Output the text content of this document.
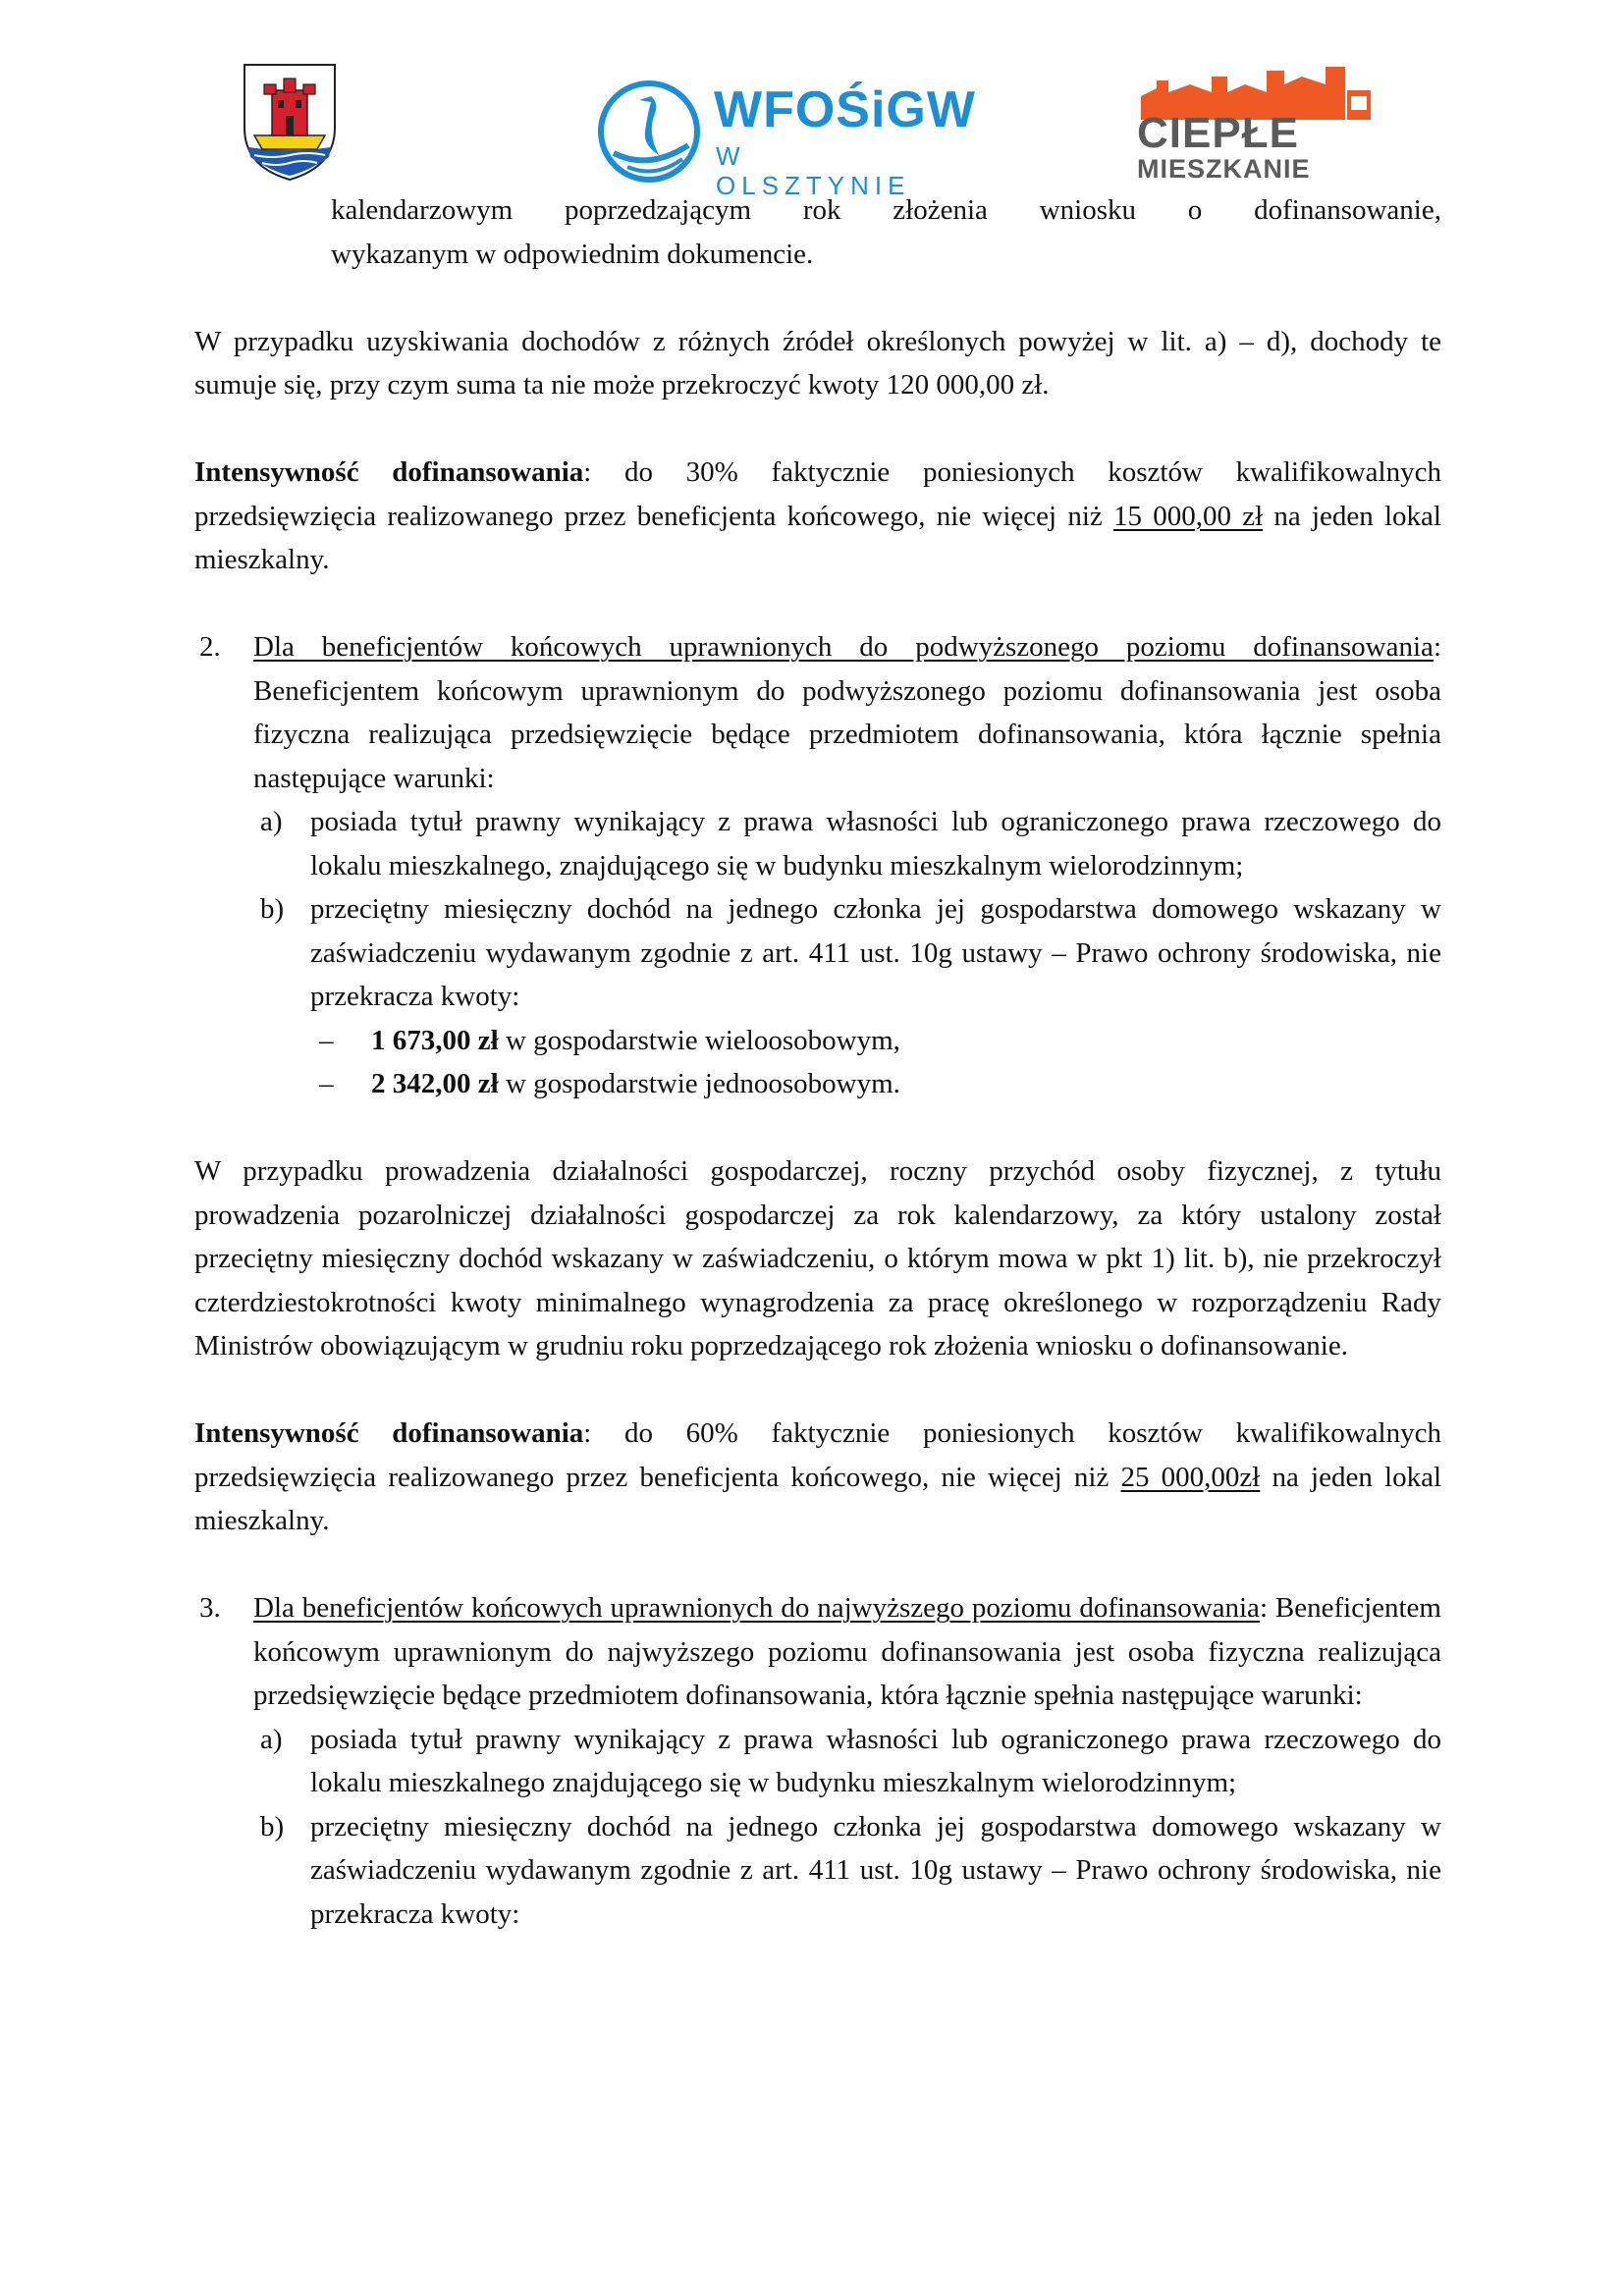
WFOŚiGW
W OLSZTYNIE
CIEPŁE
MIESZKANIE

kalendarzowym poprzedzającym rok złożenia wniosku o dofinansowanie,

wykazanym w odpowiednim dokumencie.

W przypadku uzyskiwania dochodów z różnych źródeł określonych powyżej w lit. a) – d), dochody te sumuje się, przy czym suma ta nie może przekroczyć kwoty 120 000,00 zł.

Intensywność dofinansowania: do 30% faktycznie poniesionych kosztów kwalifikowalnych przedsięwzięcia realizowanego przez beneficjenta końcowego, nie więcej niż 15 000,00 zł na jeden lokal mieszkalny.

2. Dla beneficjentów końcowych uprawnionych do podwyższonego poziomu dofinansowania: Beneficjentem końcowym uprawnionym do podwyższonego poziomu dofinansowania jest osoba fizyczna realizująca przedsięwzięcie będące przedmiotem dofinansowania, która łącznie spełnia następujące warunki:

a) posiada tytuł prawny wynikający z prawa własności lub ograniczonego prawa rzeczowego do lokalu mieszkalnego, znajdującego się w budynku mieszkalnym wielorodzinnym;

b) przeciętny miesięczny dochód na jednego członka jej gospodarstwa domowego wskazany w zaświadczeniu wydawanym zgodnie z art. 411 ust. 10g ustawy – Prawo ochrony środowiska, nie przekracza kwoty:

– 1 673,00 zł w gospodarstwie wieloosobowym,

– 2 342,00 zł w gospodarstwie jednoosobowym.

W przypadku prowadzenia działalności gospodarczej, roczny przychód osoby fizycznej, z tytułu prowadzenia pozarolniczej działalności gospodarczej za rok kalendarzowy, za który ustalony został przeciętny miesięczny dochód wskazany w zaświadczeniu, o którym mowa w pkt 1) lit. b), nie przekroczył czterdziestokrotności kwoty minimalnego wynagrodzenia za pracę określonego w rozporządzeniu Rady Ministrów obowiązującym w grudniu roku poprzedzającego rok złożenia wniosku o dofinansowanie.

Intensywność dofinansowania: do 60% faktycznie poniesionych kosztów kwalifikowalnych przedsięwzięcia realizowanego przez beneficjenta końcowego, nie więcej niż 25 000,00zł na jeden lokal mieszkalny.

3. Dla beneficjentów końcowych uprawnionych do najwyższego poziomu dofinansowania: Beneficjentem końcowym uprawnionym do najwyższego poziomu dofinansowania jest osoba fizyczna realizująca przedsięwzięcie będące przedmiotem dofinansowania, która łącznie spełnia następujące warunki:

a) posiada tytuł prawny wynikający z prawa własności lub ograniczonego prawa rzeczowego do lokalu mieszkalnego znajdującego się w budynku mieszkalnym wielorodzinnym;

b) przeciętny miesięczny dochód na jednego członka jej gospodarstwa domowego wskazany w zaświadczeniu wydawanym zgodnie z art. 411 ust. 10g ustawy – Prawo ochrony środowiska, nie przekracza kwoty:
